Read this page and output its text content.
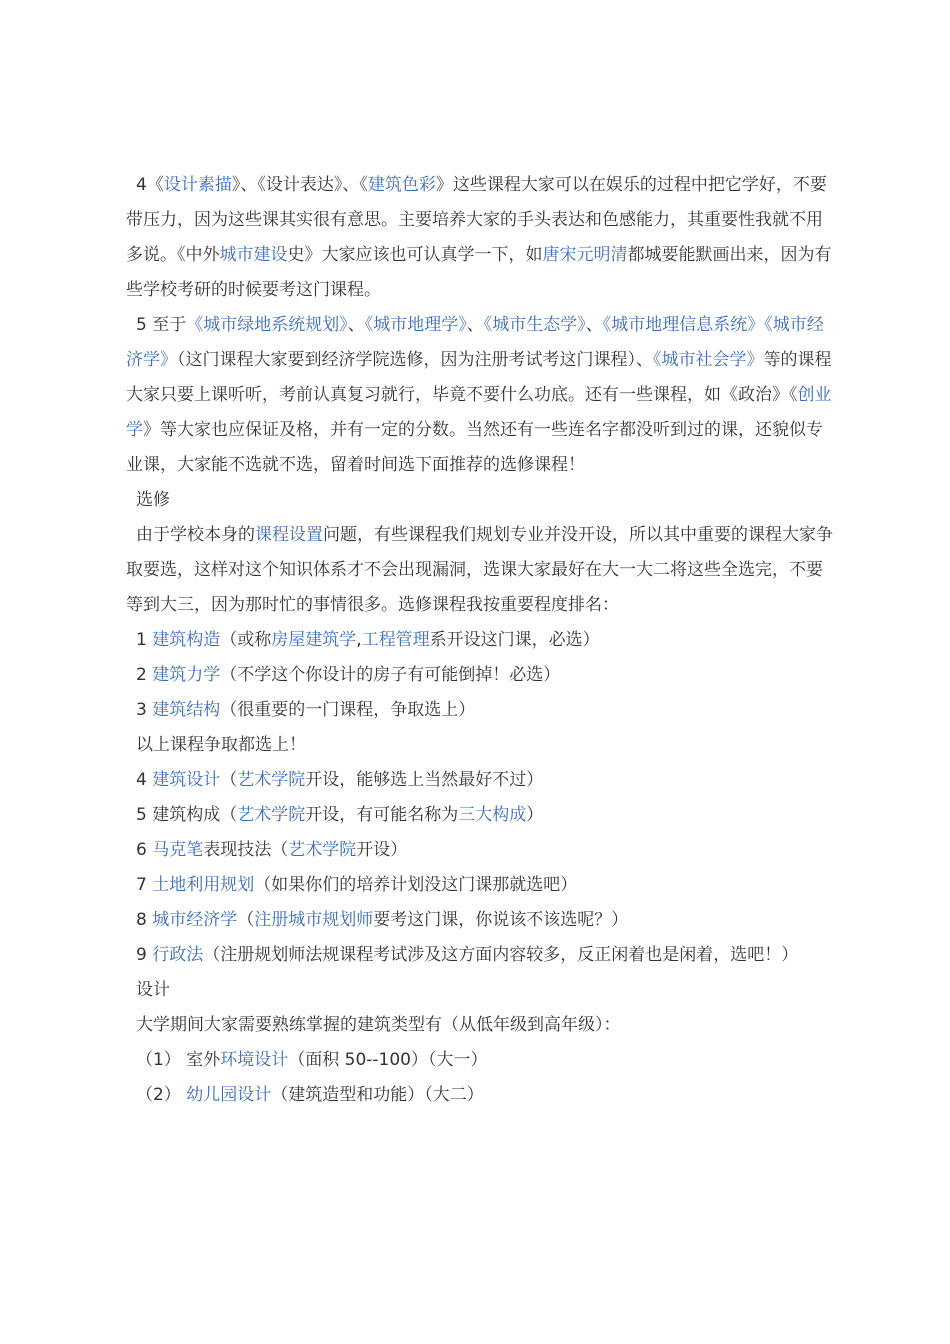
4《设计素描》、《设计表达》、《建筑色彩》这些课程大家可以在娱乐的过程中把它学好，不要带压力，因为这些课其实很有意思。主要培养大家的手头表达和色感能力，其重要性我就不用多说。《中外城市建设史》大家应该也可认真学一下，如唐宋元明清都城要能默画出来，因为有些学校考研的时候要考这门课程。

5 至于《城市绿地系统规划》、《城市地理学》、《城市生态学》、《城市地理信息系统》《城市经济学》（这门课程大家要到经济学院选修，因为注册考试考这门课程）、《城市社会学》等的课程大家只要上课听听，考前认真复习就行，毕竟不要什么功底。还有一些课程，如《政治》《创业学》等大家也应保证及格，并有一定的分数。当然还有一些连名字都没听到过的课，还貌似专业课，大家能不选就不选，留着时间选下面推荐的选修课程！

选修

由于学校本身的课程设置问题，有些课程我们规划专业并没开设，所以其中重要的课程大家争取要选，这样对这个知识体系才不会出现漏洞，选课大家最好在大一大二将这些全选完，不要等到大三，因为那时忙的事情很多。选修课程我按重要程度排名：

1 建筑构造（或称房屋建筑学,工程管理系开设这门课，必选）

2 建筑力学（不学这个你设计的房子有可能倒掉！必选）

3 建筑结构（很重要的一门课程，争取选上）

以上课程争取都选上！

4 建筑设计（艺术学院开设，能够选上当然最好不过）

5 建筑构成（艺术学院开设，有可能名称为三大构成）

6 马克笔表现技法（艺术学院开设）

7 土地利用规划（如果你们的培养计划没这门课那就选吧）

8 城市经济学（注册城市规划师要考这门课，你说该不该选呢？）

9 行政法（注册规划师法规课程考试涉及这方面内容较多，反正闲着也是闲着，选吧！）

设计

大学期间大家需要熟练掌握的建筑类型有（从低年级到高年级）：

（1） 室外环境设计（面积 50--100）（大一）

（2） 幼儿园设计（建筑造型和功能）（大二）
